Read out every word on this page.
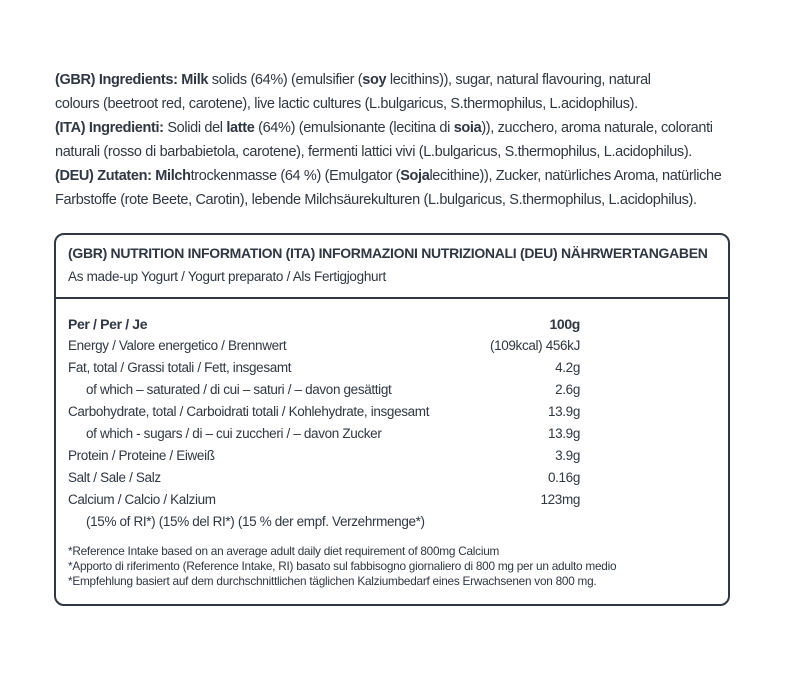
(GBR) Ingredients: Milk solids (64%) (emulsifier (soy lecithins)), sugar, natural flavouring, natural
colours (beetroot red, carotene), live lactic cultures (L.bulgaricus, S.thermophilus, L.acidophilus).
(ITA) Ingredienti: Solidi del latte (64%) (emulsionante (lecitina di soia)), zucchero, aroma naturale, coloranti
naturali (rosso di barbabietola, carotene), fermenti lattici vivi (L.bulgaricus, S.thermophilus, L.acidophilus).
(DEU) Zutaten: Milchtrockenmasse (64 %) (Emulgator (Sojalecithine)), Zucker, natürliches Aroma, natürliche
Farbstoffe (rote Beete, Carotin), lebende Milchsäurekulturen (L.bulgaricus, S.thermophilus, L.acidophilus).
(GBR) NUTRITION INFORMATION (ITA) INFORMAZIONI NUTRIZIONALI (DEU) NÄHRWERTANGABEN
As made-up Yogurt / Yogurt preparato / Als Fertigjoghurt
Per / Per / Je	100g
Energy / Valore energetico / Brennwert	(109kcal) 456kJ
Fat, total / Grassi totali / Fett, insgesamt	4.2g
of which – saturated / di cui – saturi / – davon gesättigt	2.6g
Carbohydrate, total / Carboidrati totali / Kohlehydrate, insgesamt	13.9g
of which - sugars / di – cui zuccheri / – davon Zucker	13.9g
Protein / Proteine / Eiweiß	3.9g
Salt / Sale / Salz	0.16g
Calcium / Calcio / Kalzium	123mg
(15% of RI*) (15% del RI*) (15 % der empf. Verzehrmenge*)
*Reference Intake based on an average adult daily diet requirement of 800mg Calcium
*Apporto di riferimento (Reference Intake, RI) basato sul fabbisogno giornaliero di 800 mg per un adulto medio
*Empfehlung basiert auf dem durchschnittlichen täglichen Kalziumbedarf eines Erwachsenen von 800 mg.
